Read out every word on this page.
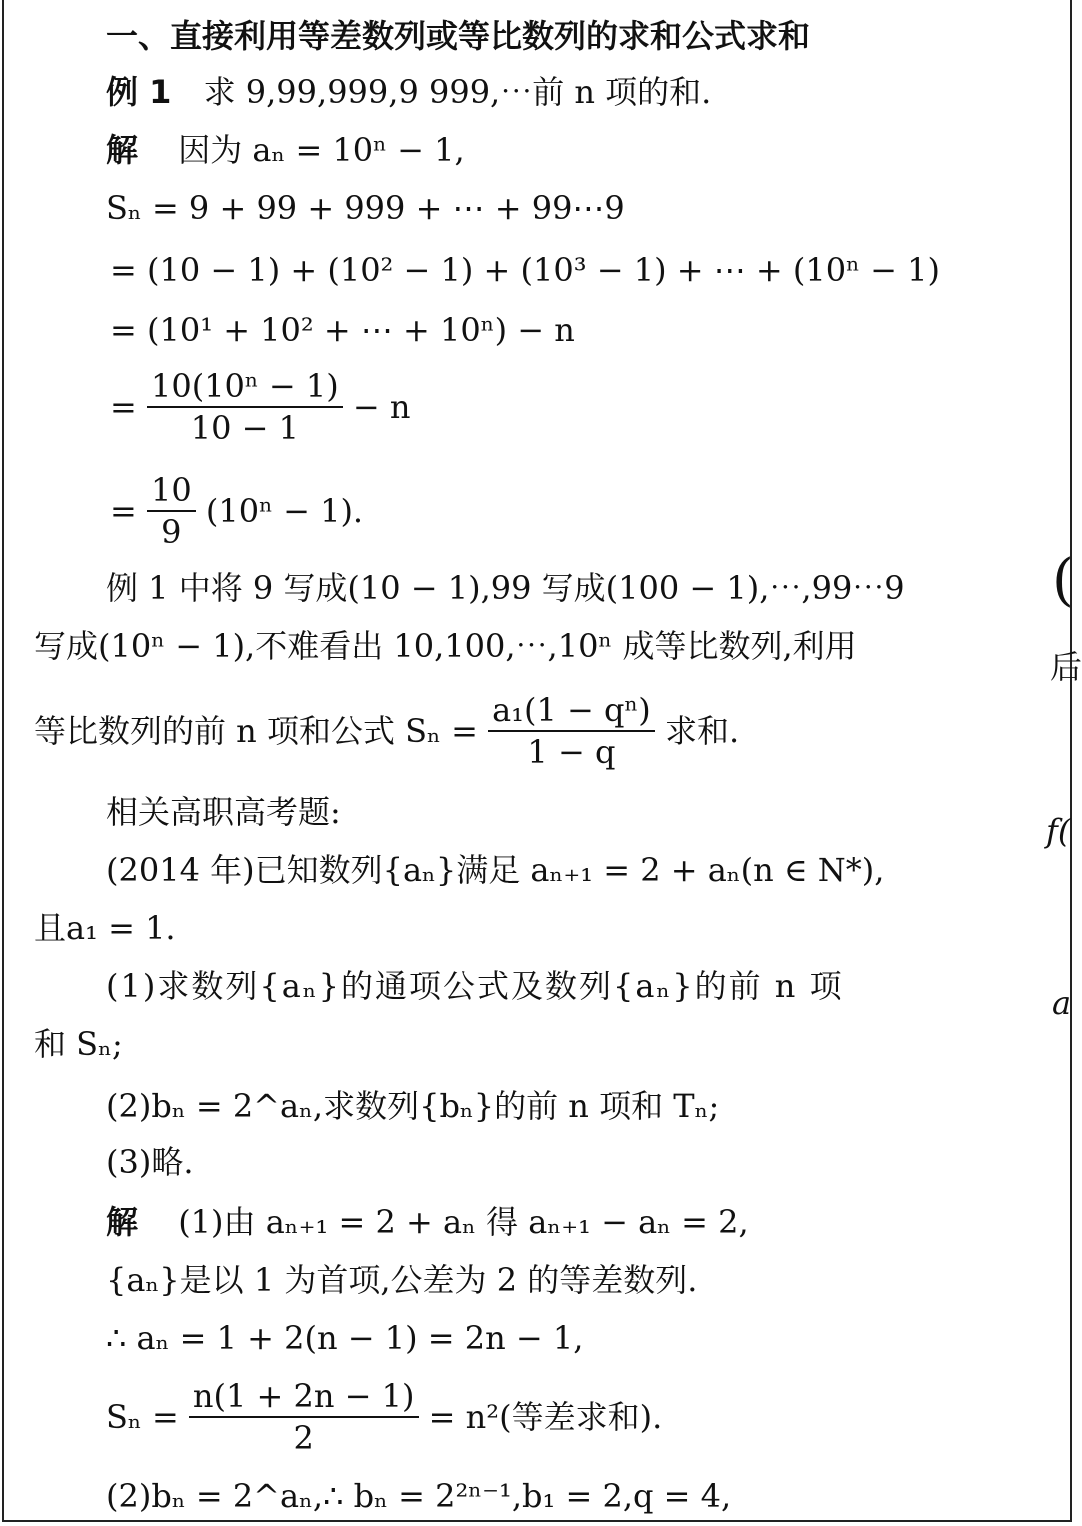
一、直接利用等差数列或等比数列的求和公式求和
例 1 求 9,99,999,9 999,⋯前 n 项的和.
解 因为 aₙ = 10ⁿ − 1,
Sₙ = 9 + 99 + 999 + ⋯ + 99⋯9
= (10 − 1) + (10² − 1) + (10³ − 1) + ⋯ + (10ⁿ − 1)
= (10¹ + 10² + ⋯ + 10ⁿ) − n
= $\frac{\text{10(10ⁿ − 1)}}{10 - 1} - n$
= $\frac{10}{9} (10^n - 1)$.
例 1 中将 9 写成(10 − 1),99 写成(100 − 1),⋯,99⋯9
写成(10ⁿ − 1),不难看出 10,100,⋯,10ⁿ 成等比数列,利用
等比数列的前 n 项和公式 $S_n = \frac{\text{a₁(1 − qⁿ)}}{1 - q}$ 求和.
相关高职高考题:
(2014 年)已知数列{aₙ}满足 aₙ₊₁ = 2 + aₙ(n ∈ N*),
且a₁ = 1.
(1)求数列{aₙ}的通项公式及数列{aₙ}的前 n 项
和 Sₙ;
(2)bₙ = 2^aₙ,求数列{bₙ}的前 n 项和 Tₙ;
(3)略.
解 (1)由 aₙ₊₁ = 2 + aₙ 得 aₙ₊₁ − aₙ = 2,
{aₙ}是以 1 为首项,公差为 2 的等差数列.
∴ aₙ = 1 + 2(n − 1) = 2n − 1,
$S_n = \frac{n(1 + 2n - 1)}{2} = n^2$(等差求和).
(2)bₙ = 2^aₙ,∴ bₙ = 2²ⁿ⁻¹,b₁ = 2,q = 4,
(
后
f(
a
